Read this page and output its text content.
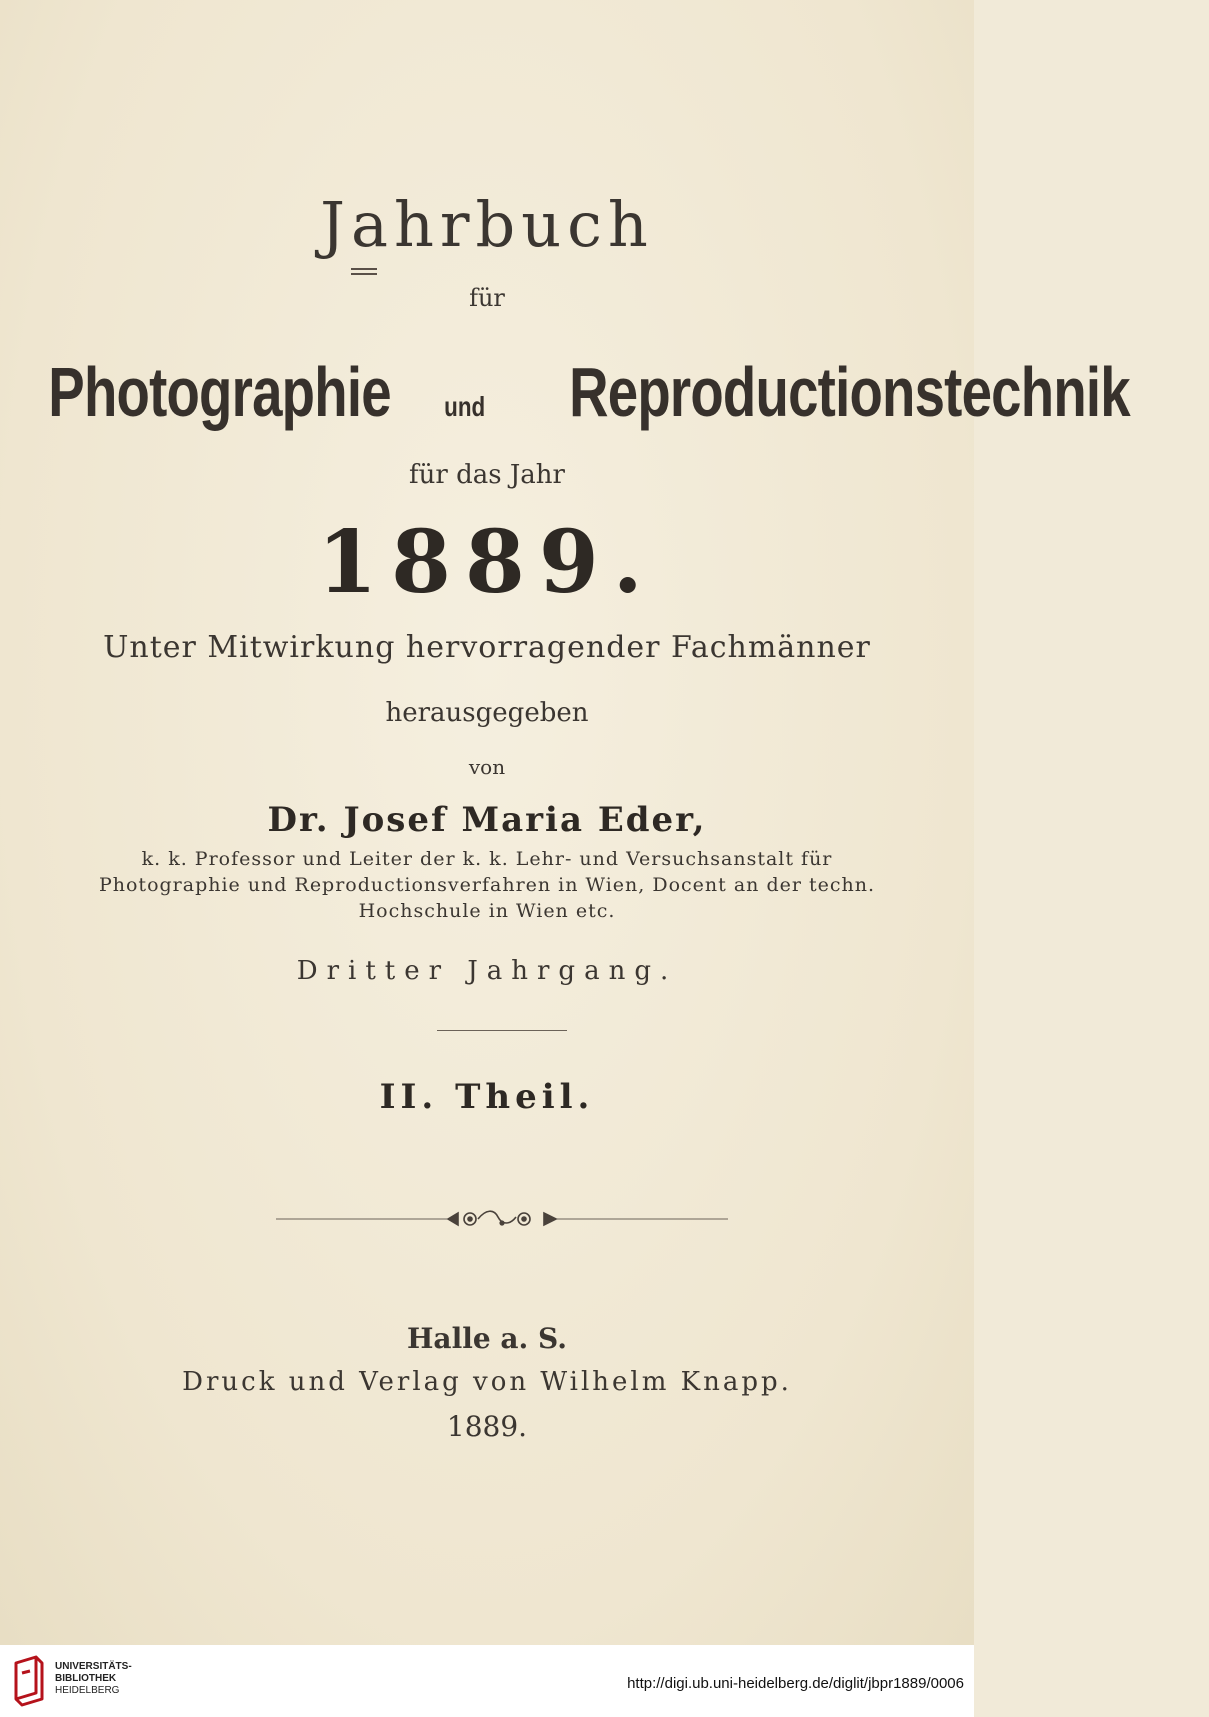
Jahrbuch
für
Photographie und Reproductionstechnik
für das Jahr
1889.
Unter Mitwirkung hervorragender Fachmänner
herausgegeben
von
Dr. Josef Maria Eder,
k. k. Professor und Leiter der k. k. Lehr- und Versuchsanstalt für
Photographie und Reproductionsverfahren in Wien, Docent an der techn.
Hochschule in Wien etc.
Dritter Jahrgang.
II. Theil.
Halle a. S.
Druck und Verlag von Wilhelm Knapp.
1889.
UNIVERSITÄTS-
BIBLIOTHEK
HEIDELBERG	http://digi.ub.uni-heidelberg.de/diglit/jbpr1889/0006
